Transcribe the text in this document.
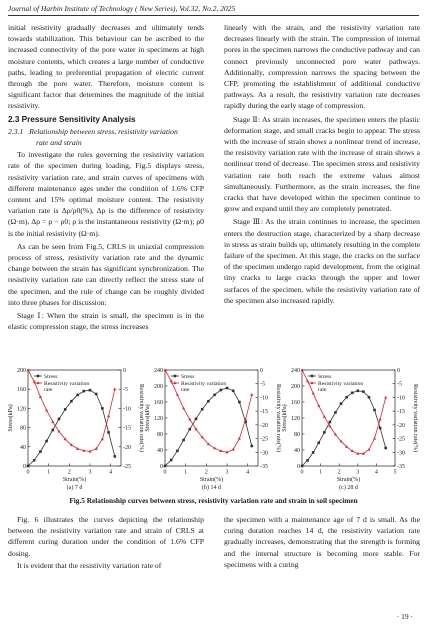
Journal of Harbin Institute of Technology ( New Series), Vol.32, No.2, 2025

initial resistivity gradually decreases and ultimately tends towards stabilization. This behaviour can be ascribed to the increased connectivity of the pore water in specimens at high moisture contents, which creates a large number of conductive paths, leading to preferential propagation of electric current through the pore water. Therefore, moisture content is significant factor that determines the magnitude of the initial resistivity.

2.3 Pressure Sensitivity Analysis
2.3.1 Relationship between stress, resistivity variation
rate and strain

To investigate the rules governing the resistivity variation rate of the specimen during loading, Fig.5 displays stress, resistivity variation rate, and strain curves of specimens with different maintenance ages under the condition of 1.6% CFP content and 15% optimal moisture content. The resistivity variation rate is Δρ/ρ0(%), Δρ is the difference of resistivity (Ω·m), Δρ = ρ − ρ0; ρ is the instantaneous resistivity (Ω·m); ρ0 is the initial resistivity (Ω·m).

As can be seen from Fig.5, CRLS in uniaxial compression process of stress, resistivity variation rate and the dynamic change between the strain has significant synchronization. The resistivity variation rate can directly reflect the stress state of the specimen, and the rule of change can be roughly divided into three phases for discussion:

Stage Ⅰ: When the strain is small, the specimen is in the elastic compression stage, the stress increases

linearly with the strain, and the resistivity variation rate decreases linearly with the strain. The compression of internal pores in the specimen narrows the conductive pathway and can connect previously unconnected pore water pathways. Additionally, compression narrows the spacing between the CFP, promoting the establishment of additional conductive pathways. As a result, the resistivity variation rate decreases rapidly during the early stage of compression.

Stage Ⅱ: As strain increases, the specimen enters the plastic deformation stage, and small cracks begin to appear. The stress with the increase of strain shows a nonlinear trend of increase, the resistivity variation rate with the increase of strain shows a nonlinear trend of decrease. The specimen stress and resistivity variation rate both reach the extreme values almost simultaneously. Furthermore, as the strain increases, the fine cracks that have developed within the specimen continue to grow and expand until they are completely penetrated.

Stage Ⅲ: As the strain continues to increase, the specimen enters the destruction stage, characterized by a sharp decrease in stress as strain builds up, ultimately resulting in the complete failure of the specimen. At this stage, the cracks on the surface of the specimen undergo rapid development, from the original tiny cracks to large cracks through the upper and lower surfaces of the specimen, while the resistivity variation rate of the specimen also increased rapidly.

0	1	2	3	4
0
40
80
120
160
200	0
-5
-10
-15
-20
-25
Strain(%)
Stress(kPa)	Resistivity variation rate(%)
(a) 7 d
Stress
Resistivity variation
rate
0	1	2	3	4
0
40
80
120
160
200
240	0
-5
-10
-15
-20
-25
-30
-35
Strain(%)
Stress(kPa)	Resistivity variation rate(%)
(b) 14 d
Stress
Resistivity variation
rate
0	1	2	3	4	5
0
40
80
120
160
200
240	0
-5
-10
-15
-20
-25
-30
-35
Strain(%)
Stress(kPa)	Resistivity variation rate(%)
(c) 28 d
Stress
Resistivity variation
rate
Fig.5 Relationship curves between stress, resistivity variation rate and strain in soil specimen

Fig. 6 illustrates the curves depicting the relationship between the resistivity variation rate and strain of CRLS at different curing duration under the condition of 1.6% CFP dosing.

It is evident that the resistivity variation rate of

the specimen with a maintenance age of 7 d is small. As the curing duration reaches 14 d, the resistivity variation rate gradually increases, demonstrating that the strength is forming and the internal structure is becoming more stable. For specimens with a curing

· 19 ·
